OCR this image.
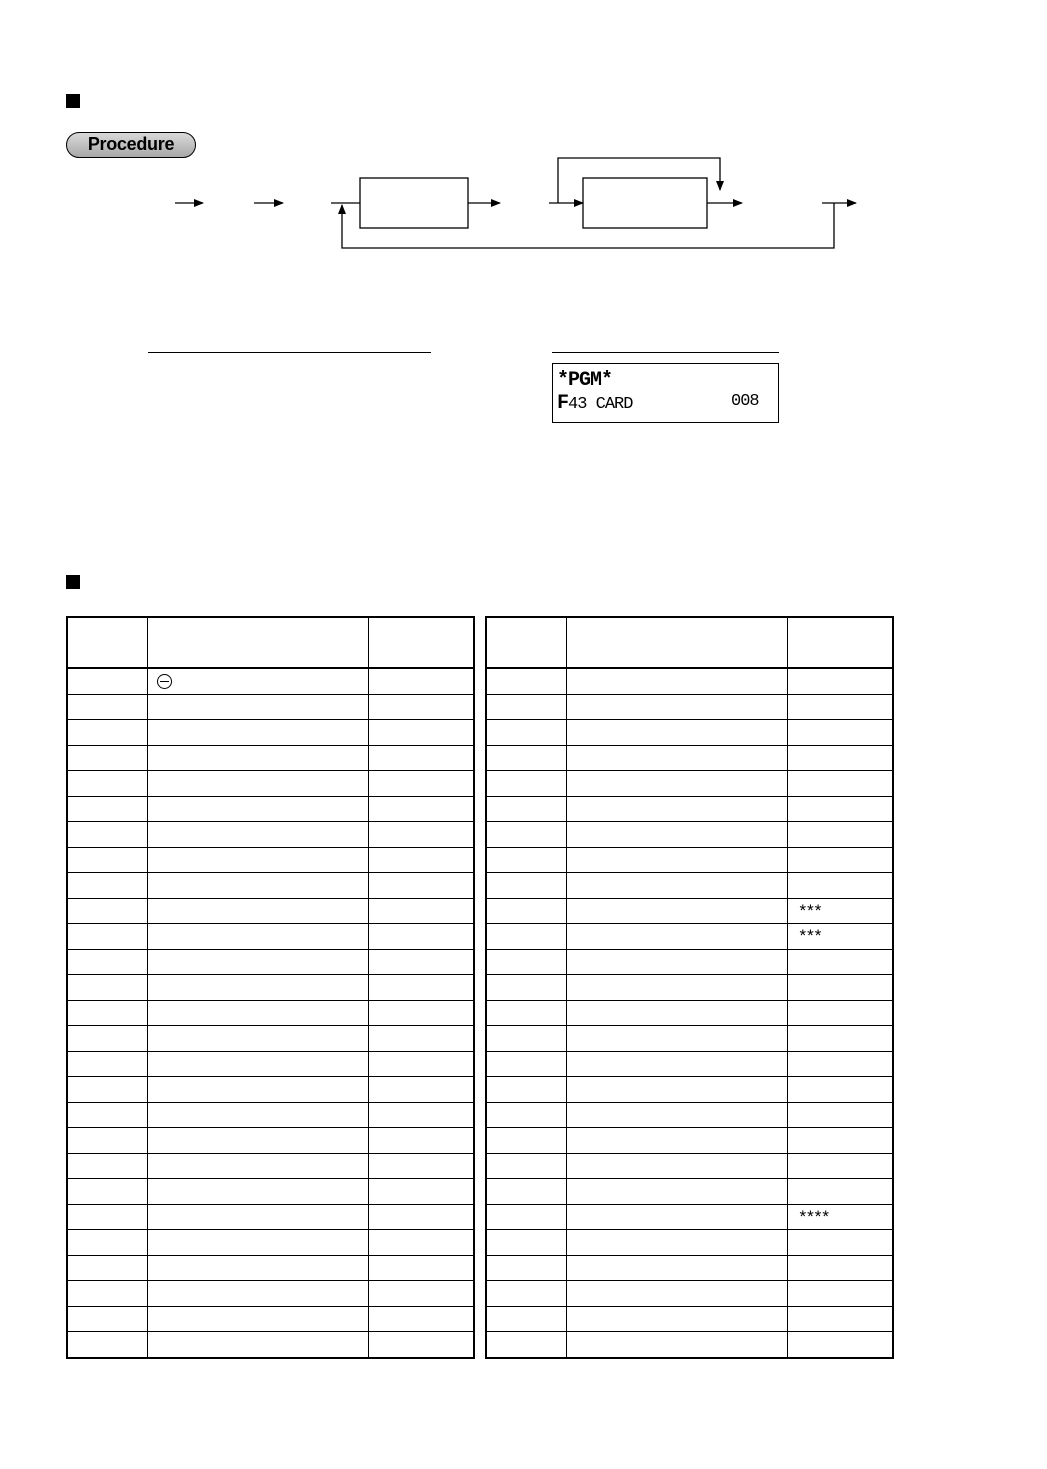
Procedure
*PGM*
F43 CARD	008

		***
		***

		****
